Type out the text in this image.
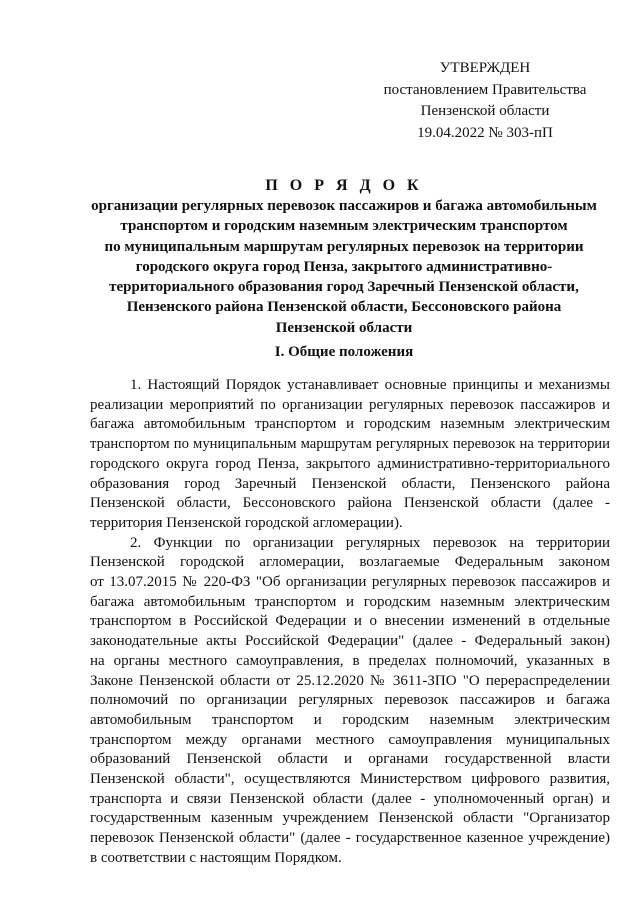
УТВЕРЖДЕН
постановлением Правительства
Пензенской области
19.04.2022 № 303-пП
П О Р Я Д О К
организации регулярных перевозок пассажиров и багажа автомобильным
транспортом и городским наземным электрическим транспортом
по муниципальным маршрутам регулярных перевозок на территории
городского округа город Пенза, закрытого административно-
территориального образования город Заречный Пензенской области,
Пензенского района Пензенской области, Бессоновского района
Пензенской области
I. Общие положения
1. Настоящий Порядок устанавливает основные принципы и механизмы
реализации мероприятий по организации регулярных перевозок пассажиров и
багажа автомобильным транспортом и городским наземным электрическим
транспортом по муниципальным маршрутам регулярных перевозок на территории
городского округа город Пенза, закрытого административно-территориального
образования город Заречный Пензенской области, Пензенского района
Пензенской области, Бессоновского района Пензенской области (далее -
территория Пензенской городской агломерации).
2. Функции по организации регулярных перевозок на территории
Пензенской городской агломерации, возлагаемые Федеральным законом
от 13.07.2015 № 220-ФЗ "Об организации регулярных перевозок пассажиров и
багажа автомобильным транспортом и городским наземным электрическим
транспортом в Российской Федерации и о внесении изменений в отдельные
законодательные акты Российской Федерации" (далее - Федеральный закон)
на органы местного самоуправления, в пределах полномочий, указанных в
Законе Пензенской области от 25.12.2020 № 3611-ЗПО "О перераспределении
полномочий по организации регулярных перевозок пассажиров и багажа
автомобильным транспортом и городским наземным электрическим
транспортом между органами местного самоуправления муниципальных
образований Пензенской области и органами государственной власти
Пензенской области", осуществляются Министерством цифрового развития,
транспорта и связи Пензенской области (далее - уполномоченный орган) и
государственным казенным учреждением Пензенской области "Организатор
перевозок Пензенской области" (далее - государственное казенное учреждение)
в соответствии с настоящим Порядком.
